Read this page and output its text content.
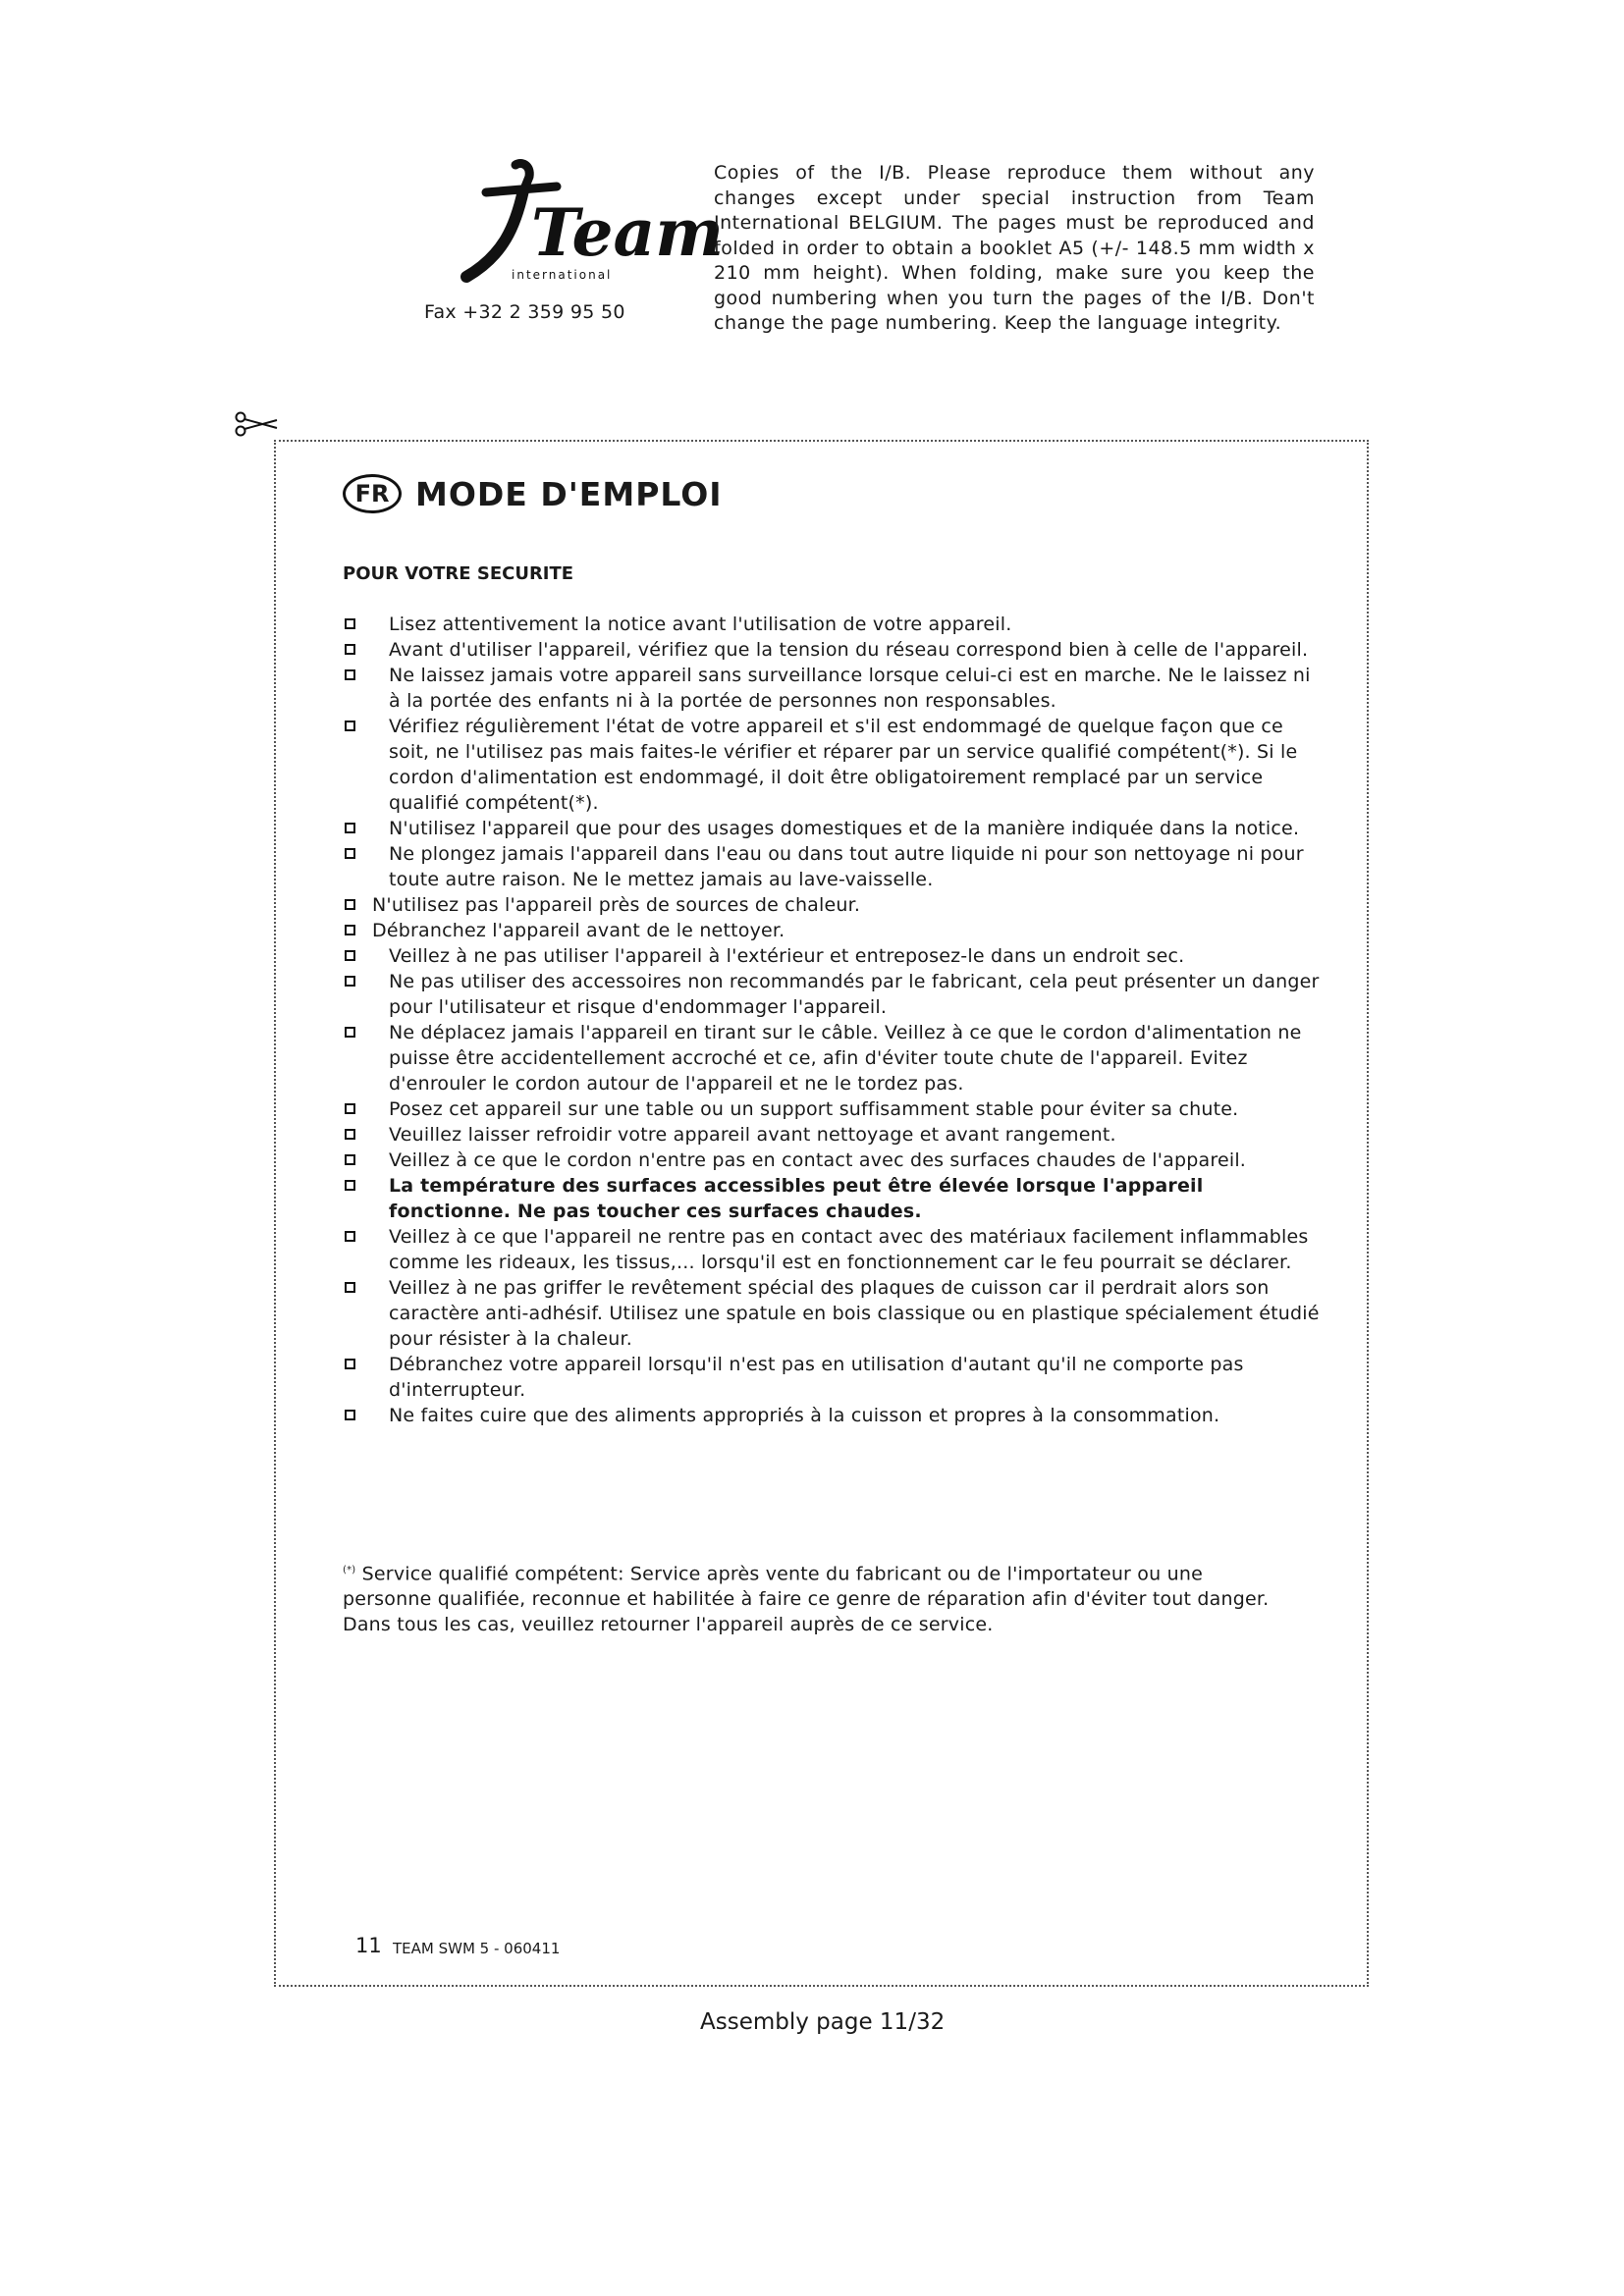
Team
international
Fax +32 2 359 95 50
Copies of the I/B. Please reproduce them without any changes except under special instruction from Team International BELGIUM. The pages must be reproduced and folded in order to obtain a booklet A5 (+/- 148.5 mm width x 210 mm height). When folding, make sure you keep the good numbering when you turn the pages of the I/B. Don't change the page numbering. Keep the language integrity.
FR MODE D'EMPLOI
POUR VOTRE SECURITE
Lisez attentivement la notice avant l'utilisation de votre appareil.
Avant d'utiliser l'appareil, vérifiez que la tension du réseau correspond bien à celle de l'appareil.
Ne laissez jamais votre appareil sans surveillance lorsque celui-ci est en marche. Ne le laissez ni à la portée des enfants ni à la portée de personnes non responsables.
Vérifiez régulièrement l'état de votre appareil et s'il est endommagé de quelque façon que ce soit, ne l'utilisez pas mais faites-le vérifier et réparer par un service qualifié compétent(*). Si le cordon d'alimentation est endommagé, il doit être obligatoirement remplacé par un service qualifié compétent(*).
N'utilisez l'appareil que pour des usages domestiques et de la manière indiquée dans la notice.
Ne plongez jamais l'appareil dans l'eau ou dans tout autre liquide ni pour son nettoyage ni pour toute autre raison. Ne le mettez jamais au lave-vaisselle.
N'utilisez pas l'appareil près de sources de chaleur.
Débranchez l'appareil avant de le nettoyer.
Veillez à ne pas utiliser l'appareil à l'extérieur et entreposez-le dans un endroit sec.
Ne pas utiliser des accessoires non recommandés par le fabricant, cela peut présenter un danger pour l'utilisateur et risque d'endommager l'appareil.
Ne déplacez jamais l'appareil en tirant sur le câble. Veillez à ce que le cordon d'alimentation ne puisse être accidentellement accroché et ce, afin d'éviter toute chute de l'appareil. Evitez d'enrouler le cordon autour de l'appareil et ne le tordez pas.
Posez cet appareil sur une table ou un support suffisamment stable pour éviter sa chute.
Veuillez laisser refroidir votre appareil avant nettoyage et avant rangement.
Veillez à ce que le cordon n'entre pas en contact avec des surfaces chaudes de l'appareil.
La température des surfaces accessibles peut être élevée lorsque l'appareil fonctionne. Ne pas toucher ces surfaces chaudes.
Veillez à ce que l'appareil ne rentre pas en contact avec des matériaux facilement inflammables comme les rideaux, les tissus,... lorsqu'il est en fonctionnement car le feu pourrait se déclarer.
Veillez à ne pas griffer le revêtement spécial des plaques de cuisson car il perdrait alors son caractère anti-adhésif. Utilisez une spatule en bois classique ou en plastique spécialement étudié pour résister à la chaleur.
Débranchez votre appareil lorsqu'il n'est pas en utilisation d'autant qu'il ne comporte pas d'interrupteur.
Ne faites cuire que des aliments appropriés à la cuisson et propres à la consommation.
(*) Service qualifié compétent: Service après vente du fabricant ou de l'importateur ou une personne qualifiée, reconnue et habilitée à faire ce genre de réparation afin d'éviter tout danger. Dans tous les cas, veuillez retourner l'appareil auprès de ce service.
11 TEAM SWM 5 - 060411
Assembly page 11/32
